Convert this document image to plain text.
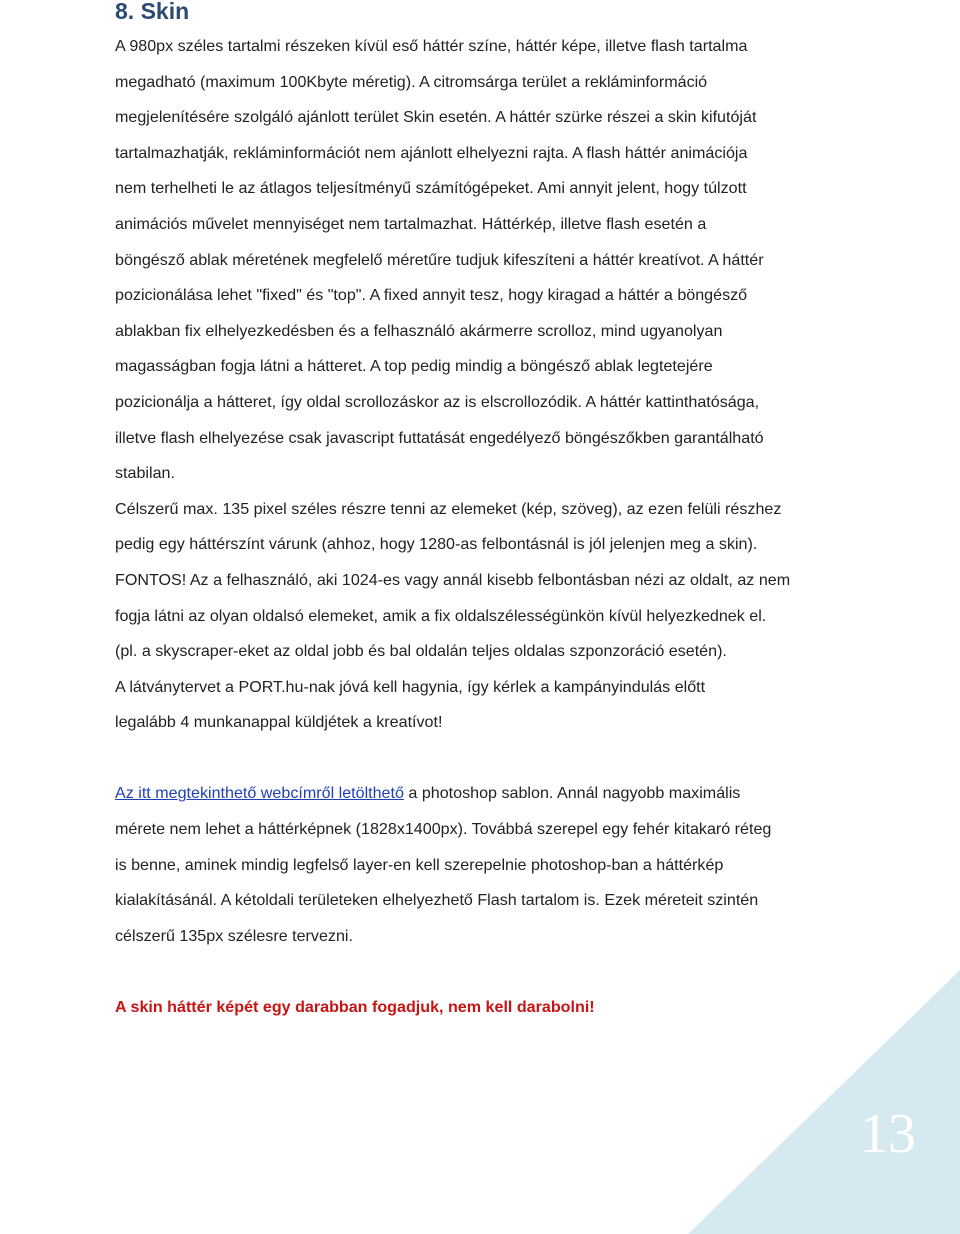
13
8. Skin
A 980px széles tartalmi részeken kívül eső háttér színe, háttér képe, illetve flash tartalma
megadható (maximum 100Kbyte méretig). A citromsárga terület a rekláminformáció
megjelenítésére szolgáló ajánlott terület Skin esetén. A háttér szürke részei a skin kifutóját
tartalmazhatják, rekláminformációt nem ajánlott elhelyezni rajta. A flash háttér animációja
nem terhelheti le az átlagos teljesítményű számítógépeket. Ami annyit jelent, hogy túlzott
animációs művelet mennyiséget nem tartalmazhat. Háttérkép, illetve flash esetén a
böngésző ablak méretének megfelelő méretűre tudjuk kifeszíteni a háttér kreatívot. A háttér
pozicionálása lehet "fixed" és "top". A fixed annyit tesz, hogy kiragad a háttér a böngésző
ablakban fix elhelyezkedésben és a felhasználó akármerre scrolloz, mind ugyanolyan
magasságban fogja látni a hátteret. A top pedig mindig a böngésző ablak legtetejére
pozicionálja a hátteret, így oldal scrollozáskor az is elscrollozódik. A háttér kattinthatósága,
illetve flash elhelyezése csak javascript futtatását engedélyező böngészőkben garantálható
stabilan.
Célszerű max. 135 pixel széles részre tenni az elemeket (kép, szöveg), az ezen felüli részhez
pedig egy háttérszínt várunk (ahhoz, hogy 1280-as felbontásnál is jól jelenjen meg a skin).
FONTOS! Az a felhasználó, aki 1024-es vagy annál kisebb felbontásban nézi az oldalt, az nem
fogja látni az olyan oldalsó elemeket, amik a fix oldalszélességünkön kívül helyezkednek el.
(pl. a skyscraper-eket az oldal jobb és bal oldalán teljes oldalas szponzoráció esetén).
A látványtervet a PORT.hu-nak jóvá kell hagynia, így kérlek a kampányindulás előtt
legalább 4 munkanappal küldjétek a kreatívot!
Az itt megtekinthető webcímről letölthető a photoshop sablon. Annál nagyobb maximális
mérete nem lehet a háttérképnek (1828x1400px). Továbbá szerepel egy fehér kitakaró réteg
is benne, aminek mindig legfelső layer-en kell szerepelnie photoshop-ban a háttérkép
kialakításánál. A kétoldali területeken elhelyezhető Flash tartalom is. Ezek méreteit szintén
célszerű 135px szélesre tervezni.
A skin háttér képét egy darabban fogadjuk, nem kell darabolni!
